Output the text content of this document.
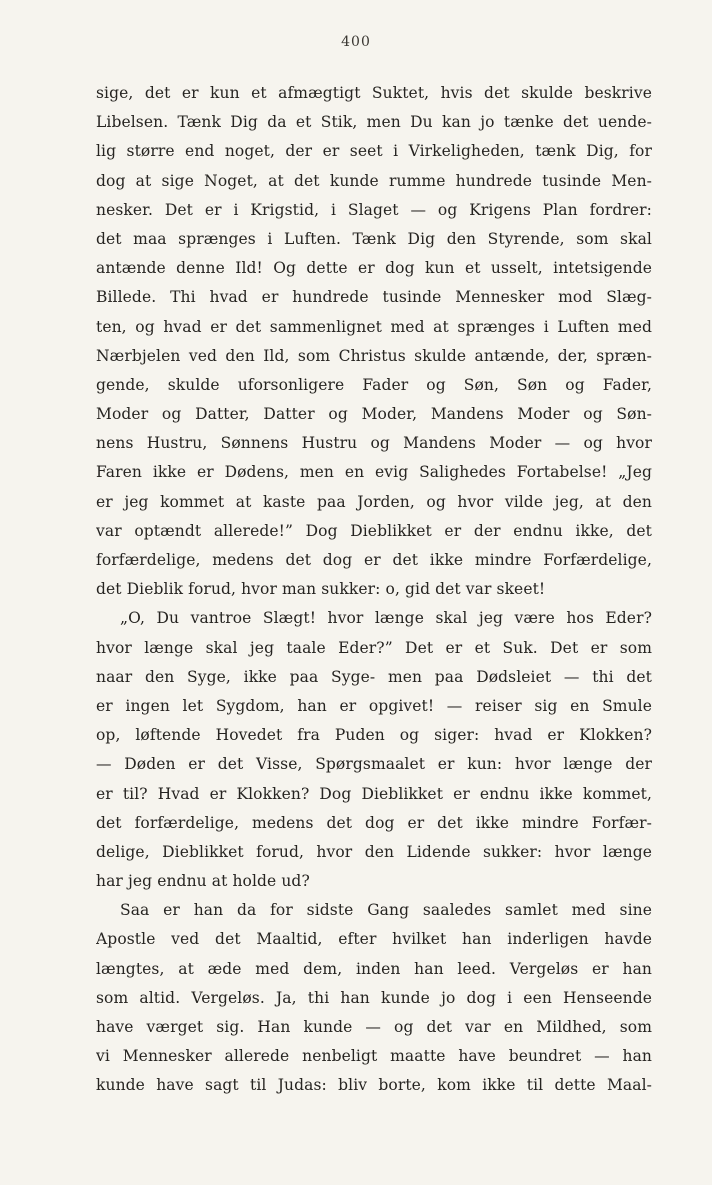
400
sige, det er kun et afmægtigt Suktet, hvis det skulde beskrive
Libelsen. Tænk Dig da et Stik, men Du kan jo tænke det uende-
lig større end noget, der er seet i Virkeligheden, tænk Dig, for
dog at sige Noget, at det kunde rumme hundrede tusinde Men-
nesker. Det er i Krigstid, i Slaget — og Krigens Plan fordrer:
det maa sprænges i Luften. Tænk Dig den Styrende, som skal
antænde denne Ild! Og dette er dog kun et usselt, intetsigende
Billede. Thi hvad er hundrede tusinde Mennesker mod Slæg-
ten, og hvad er det sammenlignet med at sprænges i Luften med
Nærbjelen ved den Ild, som Christus skulde antænde, der, spræn-
gende, skulde uforsonligere Fader og Søn, Søn og Fader,
Moder og Datter, Datter og Moder, Mandens Moder og Søn-
nens Hustru, Sønnens Hustru og Mandens Moder — og hvor
Faren ikke er Dødens, men en evig Salighedes Fortabelse! „Jeg
er jeg kommet at kaste paa Jorden, og hvor vilde jeg, at den
var optændt allerede!” Dog Dieblikket er der endnu ikke, det
forfærdelige, medens det dog er det ikke mindre Forfærdelige,
det Dieblik forud, hvor man sukker: o, gid det var skeet!
„O, Du vantroe Slægt! hvor længe skal jeg være hos Eder?
hvor længe skal jeg taale Eder?” Det er et Suk. Det er som
naar den Syge, ikke paa Syge- men paa Dødsleiet — thi det
er ingen let Sygdom, han er opgivet! — reiser sig en Smule
op, løftende Hovedet fra Puden og siger: hvad er Klokken?
— Døden er det Visse, Spørgsmaalet er kun: hvor længe der
er til? Hvad er Klokken? Dog Dieblikket er endnu ikke kommet,
det forfærdelige, medens det dog er det ikke mindre Forfær-
delige, Dieblikket forud, hvor den Lidende sukker: hvor længe
har jeg endnu at holde ud?
Saa er han da for sidste Gang saaledes samlet med sine
Apostle ved det Maaltid, efter hvilket han inderligen havde
længtes, at æde med dem, inden han leed. Vergeløs er han
som altid. Vergeløs. Ja, thi han kunde jo dog i een Henseende
have værget sig. Han kunde — og det var en Mildhed, som
vi Mennesker allerede nenbeligt maatte have beundret — han
kunde have sagt til Judas: bliv borte, kom ikke til dette Maal-
